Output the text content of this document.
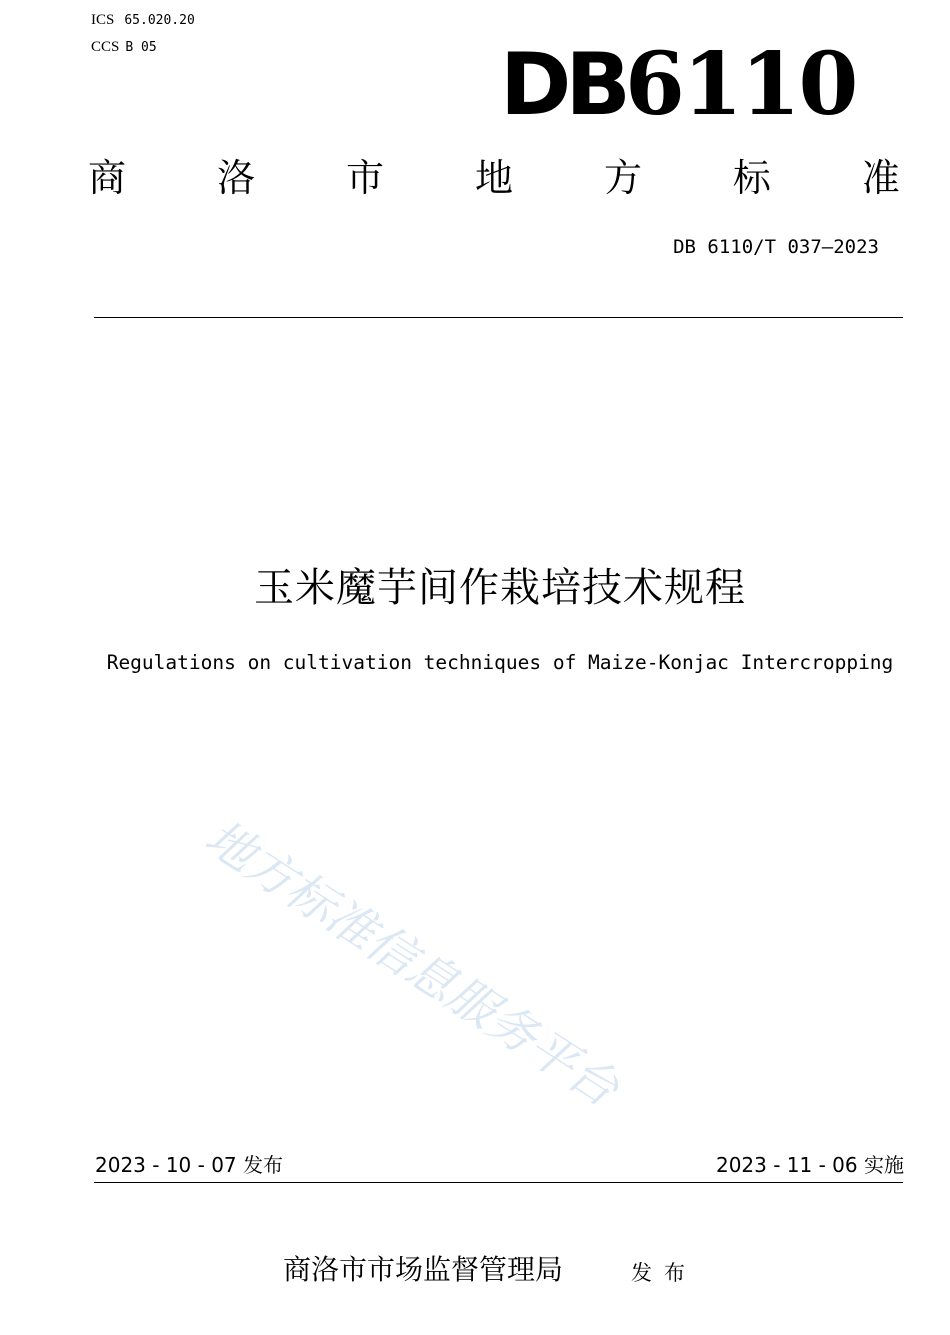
ICS 65.020.20
CCS B 05	DB6110
商 洛 市 地 方 标 准
DB 6110/T 037—2023
玉米魔芋间作栽培技术规程
Regulations on cultivation techniques of Maize-Konjac Intercropping
地方标准信息服务平台
2023 - 10 - 07 发布	2023 - 11 - 06 实施
商洛市市场监督管理局	发布
